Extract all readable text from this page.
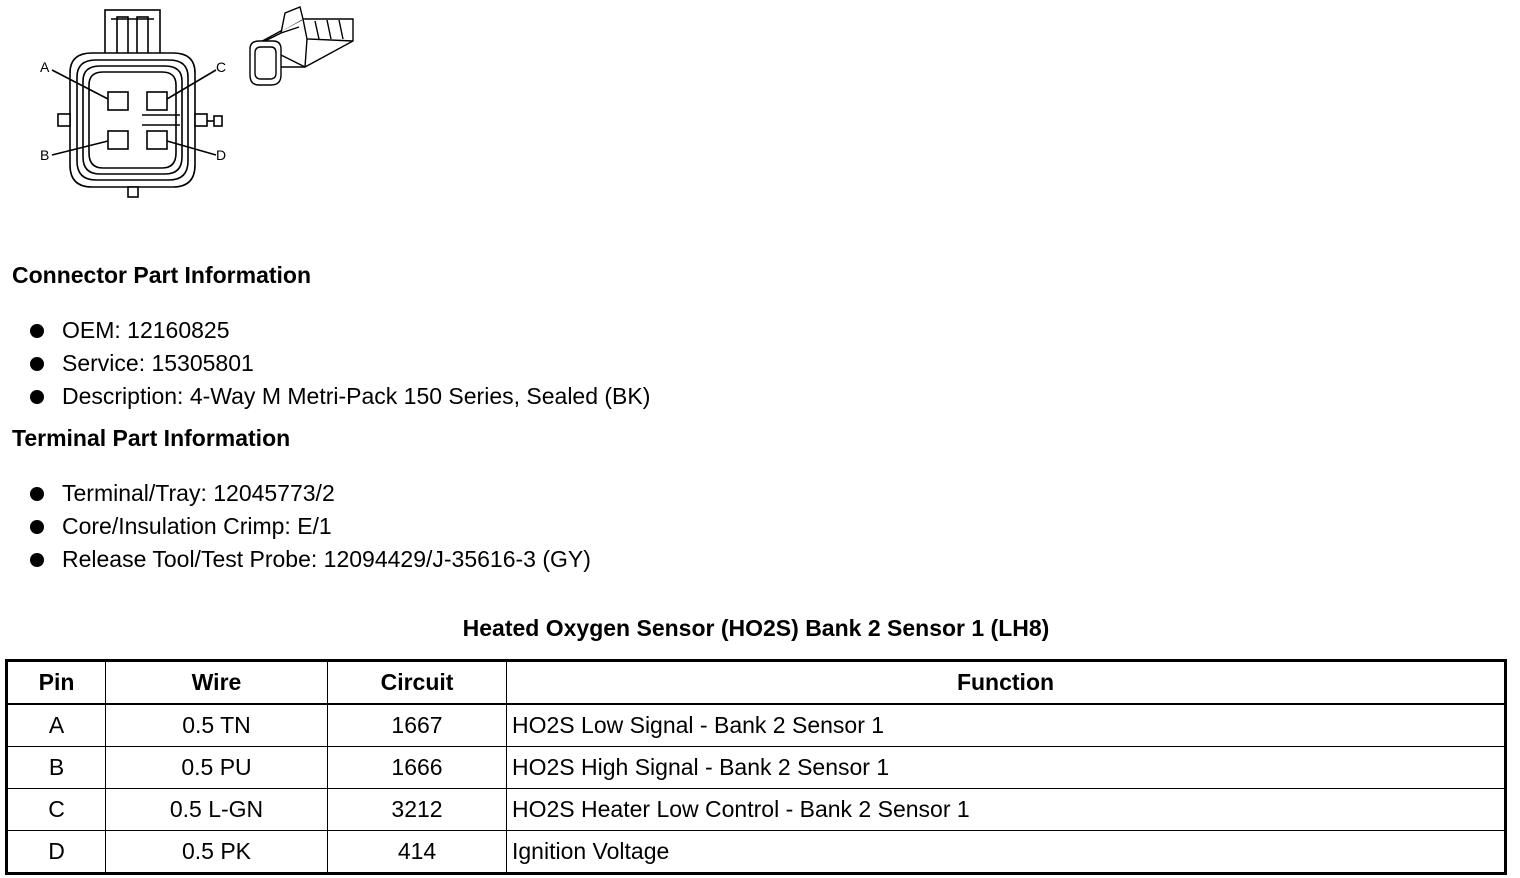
A
B
C
D
Connector Part Information
OEM: 12160825
Service: 15305801
Description: 4-Way M Metri-Pack 150 Series, Sealed (BK)
Terminal Part Information
Terminal/Tray: 12045773/2
Core/Insulation Crimp: E/1
Release Tool/Test Probe: 12094429/J-35616-3 (GY)
Heated Oxygen Sensor (HO2S) Bank 2 Sensor 1 (LH8)
Pin	Wire	Circuit	Function
A	0.5 TN	1667	HO2S Low Signal - Bank 2 Sensor 1
B	0.5 PU	1666	HO2S High Signal - Bank 2 Sensor 1
C	0.5 L-GN	3212	HO2S Heater Low Control - Bank 2 Sensor 1
D	0.5 PK	414	Ignition Voltage
